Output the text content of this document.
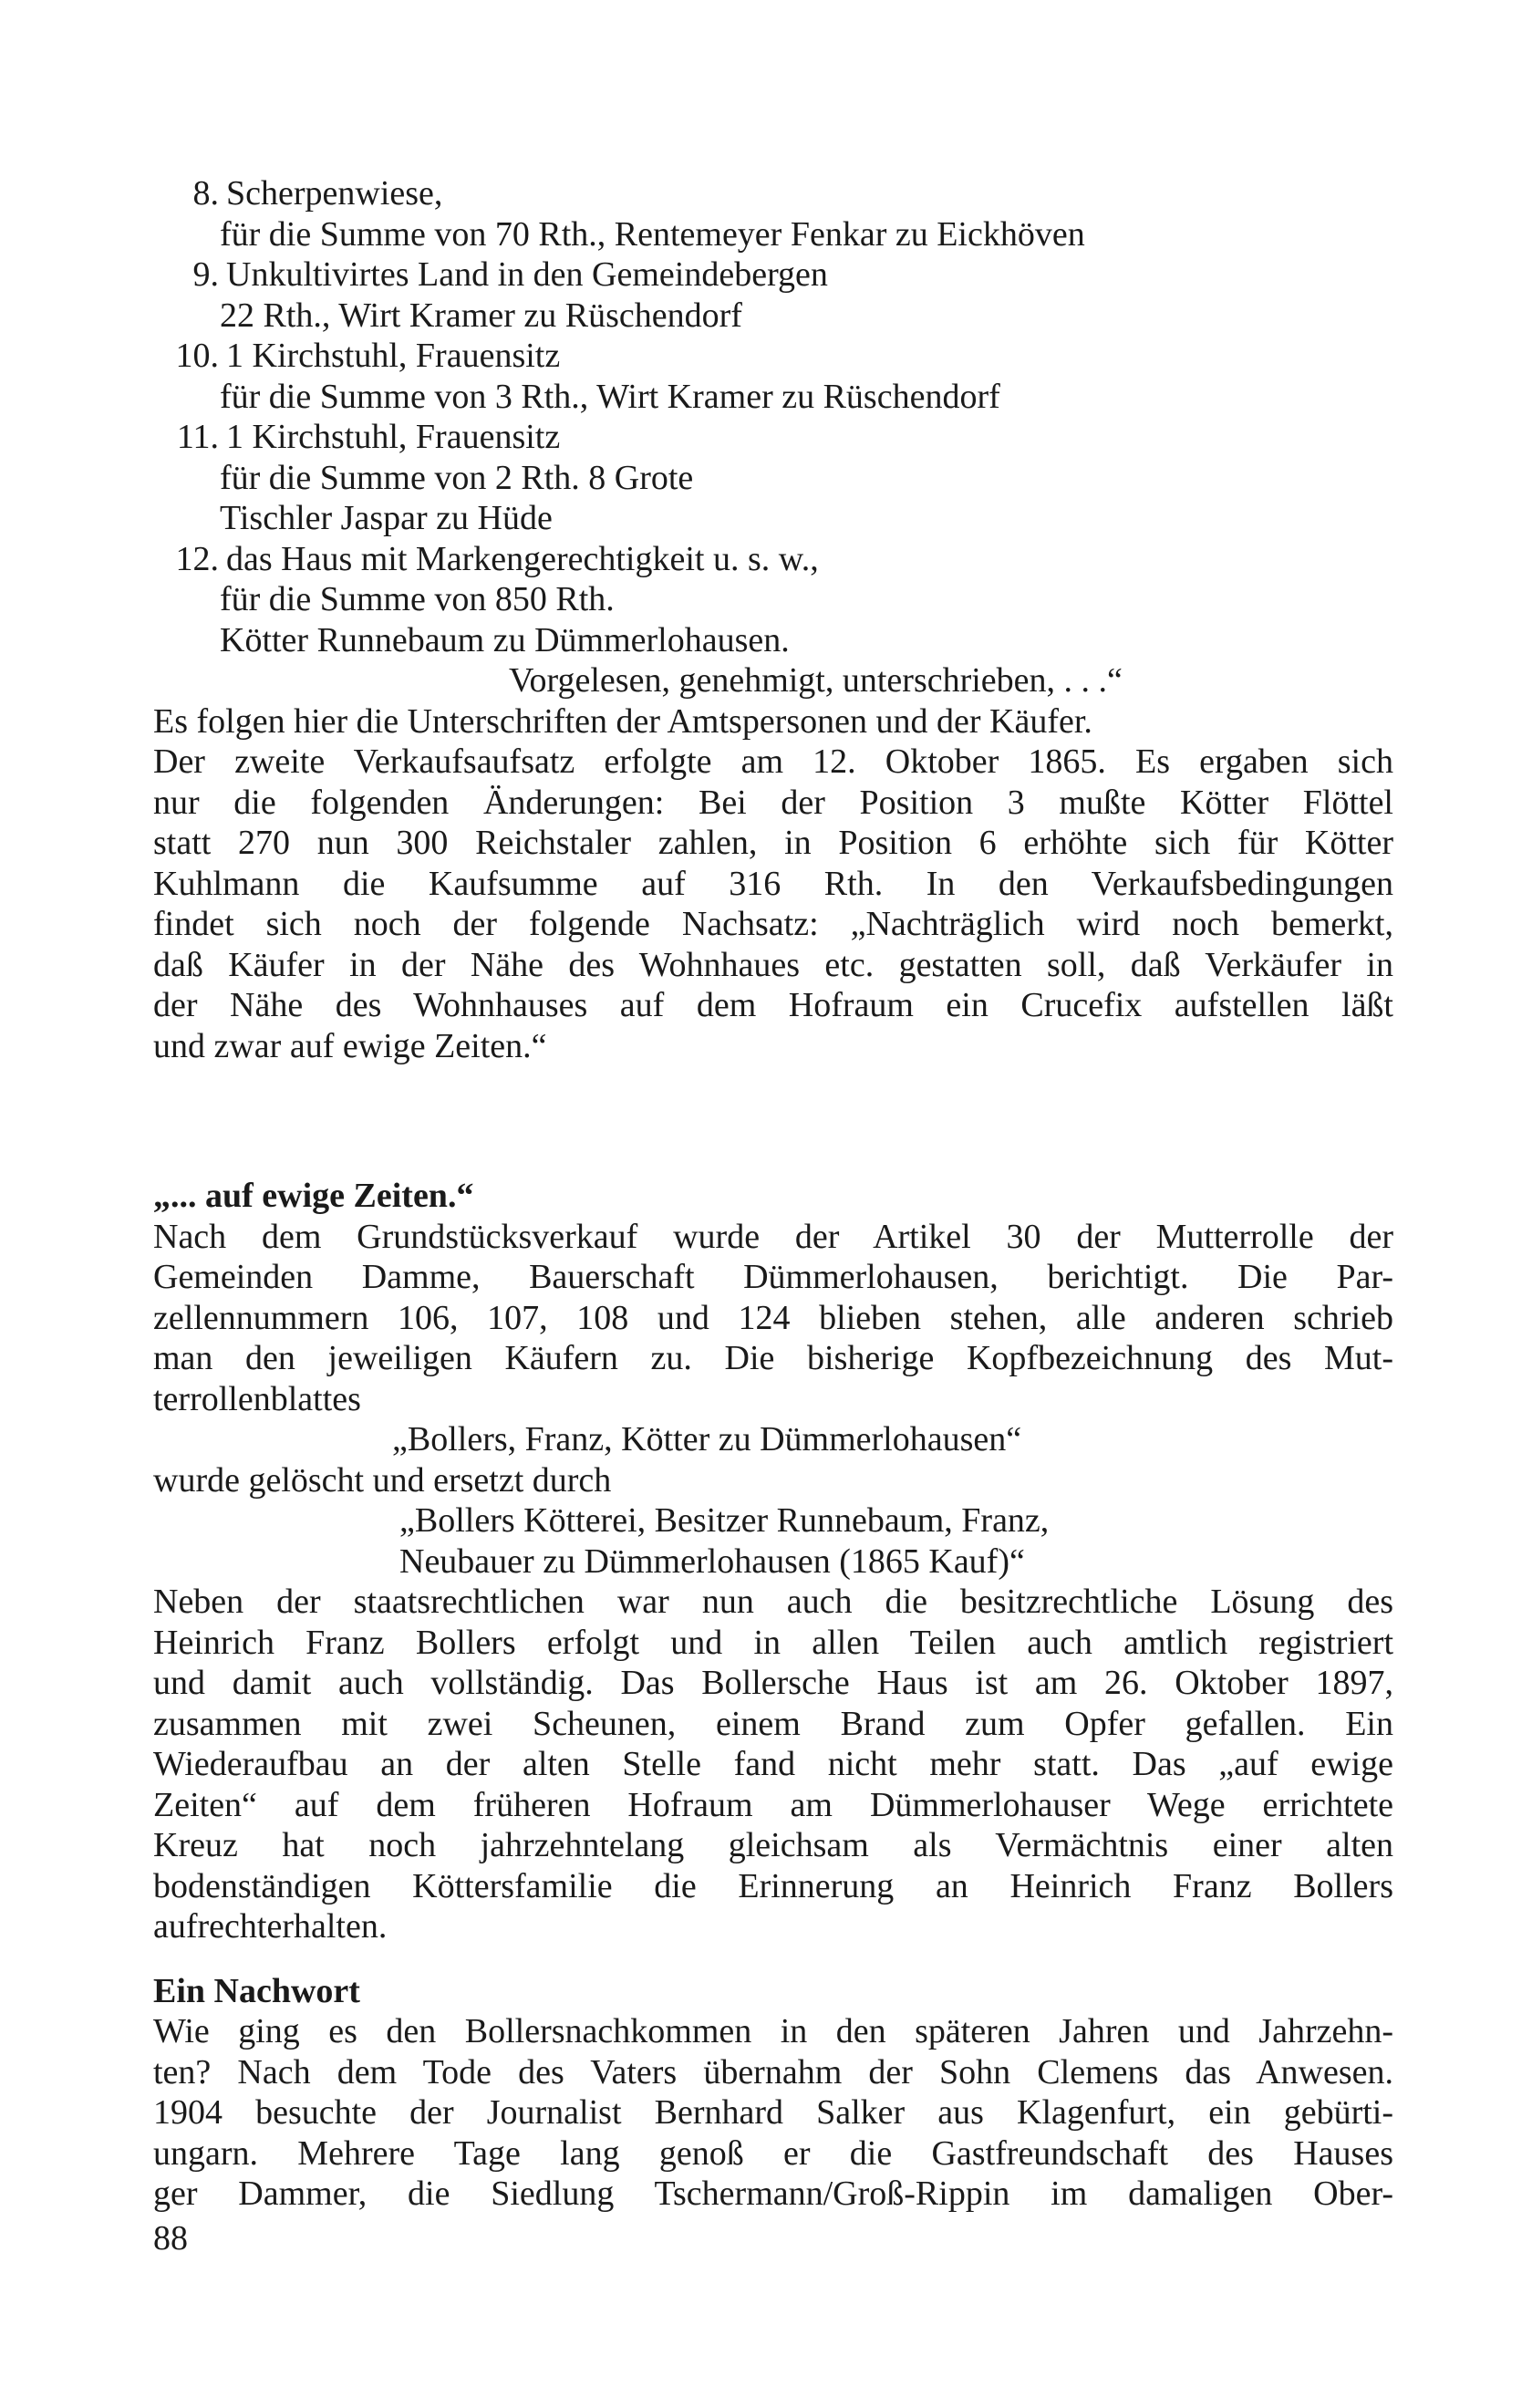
8. Scherpenwiese,
für die Summe von 70 Rth., Rentemeyer Fenkar zu Eickhöven
9. Unkultivirtes Land in den Gemeindebergen
22 Rth., Wirt Kramer zu Rüschendorf
10. 1 Kirchstuhl, Frauensitz
für die Summe von 3 Rth., Wirt Kramer zu Rüschendorf
11. 1 Kirchstuhl, Frauensitz
für die Summe von 2 Rth. 8 Grote
Tischler Jaspar zu Hüde
12. das Haus mit Markengerechtigkeit u. s. w.,
für die Summe von 850 Rth.
Kötter Runnebaum zu Dümmerlohausen.
Vorgelesen, genehmigt, unterschrieben, . . .“
Es folgen hier die Unterschriften der Amtspersonen und der Käufer.
Der zweite Verkaufsaufsatz erfolgte am 12. Oktober 1865. Es ergaben sich
nur die folgenden Änderungen: Bei der Position 3 mußte Kötter Flöttel
statt 270 nun 300 Reichstaler zahlen, in Position 6 erhöhte sich für Kötter
Kuhlmann die Kaufsumme auf 316 Rth. In den Verkaufsbedingungen
findet sich noch der folgende Nachsatz: „Nachträglich wird noch bemerkt,
daß Käufer in der Nähe des Wohnhaues etc. gestatten soll, daß Verkäufer in
der Nähe des Wohnhauses auf dem Hofraum ein Crucefix aufstellen läßt
und zwar auf ewige Zeiten.“
„... auf ewige Zeiten.“
Nach dem Grundstücksverkauf wurde der Artikel 30 der Mutterrolle der
Gemeinden Damme, Bauerschaft Dümmerlohausen, berichtigt. Die Par-
zellennummern 106, 107, 108 und 124 blieben stehen, alle anderen schrieb
man den jeweiligen Käufern zu. Die bisherige Kopfbezeichnung des Mut-
terrollenblattes
„Bollers, Franz, Kötter zu Dümmerlohausen“
wurde gelöscht und ersetzt durch
„Bollers Kötterei, Besitzer Runnebaum, Franz,
Neubauer zu Dümmerlohausen (1865 Kauf)“
Neben der staatsrechtlichen war nun auch die besitzrechtliche Lösung des
Heinrich Franz Bollers erfolgt und in allen Teilen auch amtlich registriert
und damit auch vollständig. Das Bollersche Haus ist am 26. Oktober 1897,
zusammen mit zwei Scheunen, einem Brand zum Opfer gefallen. Ein
Wiederaufbau an der alten Stelle fand nicht mehr statt. Das „auf ewige
Zeiten“ auf dem früheren Hofraum am Dümmerlohauser Wege errichtete
Kreuz hat noch jahrzehntelang gleichsam als Vermächtnis einer alten
bodenständigen Köttersfamilie die Erinnerung an Heinrich Franz Bollers
aufrechterhalten.
Ein Nachwort
Wie ging es den Bollersnachkommen in den späteren Jahren und Jahrzehn-
ten? Nach dem Tode des Vaters übernahm der Sohn Clemens das Anwesen.
1904 besuchte der Journalist Bernhard Salker aus Klagenfurt, ein gebürti-
ungarn. Mehrere Tage lang genoß er die Gastfreundschaft des Hauses
ger Dammer, die Siedlung Tschermann/Groß-Rippin im damaligen Ober-
88
